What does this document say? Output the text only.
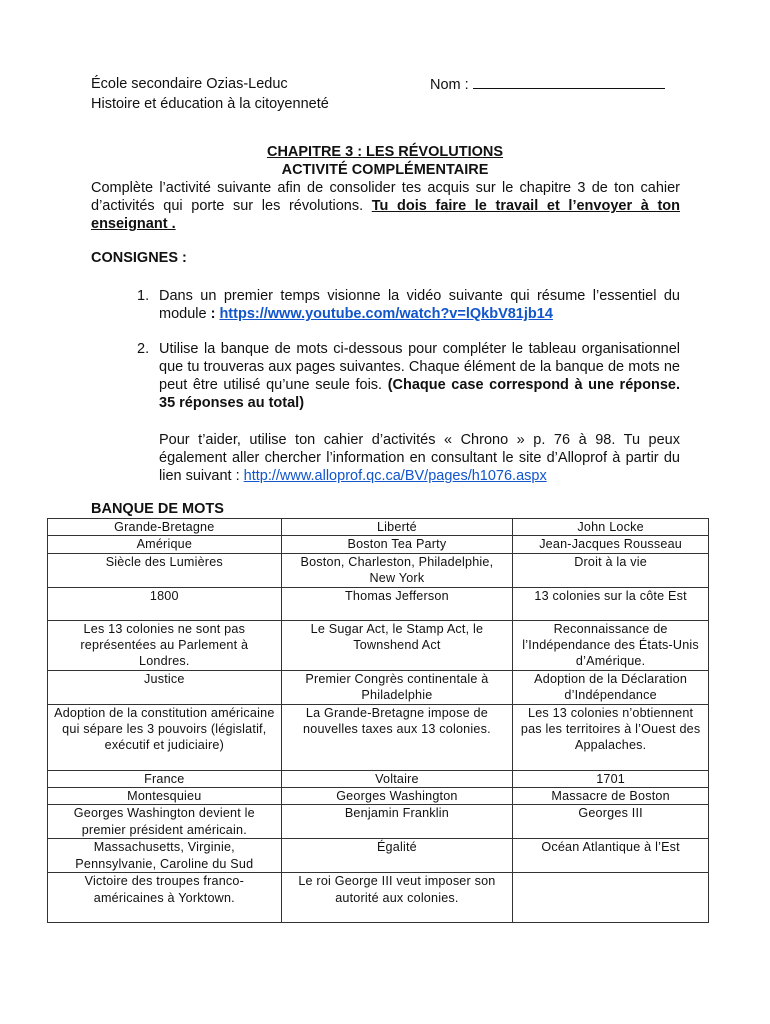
École secondaire Ozias-Leduc
Histoire et éducation à la citoyenneté
Nom :
CHAPITRE 3 : LES RÉVOLUTIONS
ACTIVITÉ COMPLÉMENTAIRE
Complète l’activité suivante afin de consolider tes acquis sur le chapitre 3 de ton cahier d’activités qui porte sur les révolutions. Tu dois faire le travail et l’envoyer à ton enseignant .
CONSIGNES :
1. Dans un premier temps visionne la vidéo suivante qui résume l’essentiel du module : https://www.youtube.com/watch?v=lQkbV81jb14
2. Utilise la banque de mots ci-dessous pour compléter le tableau organisationnel que tu trouveras aux pages suivantes. Chaque élément de la banque de mots ne peut être utilisé qu’une seule fois. (Chaque case correspond à une réponse. 35 réponses au total)
Pour t’aider, utilise ton cahier d’activités « Chrono » p. 76 à 98. Tu peux également aller chercher l’information en consultant le site d’Alloprof à partir du lien suivant : http://www.alloprof.qc.ca/BV/pages/h1076.aspx
BANQUE DE MOTS
Grande-Bretagne	Liberté	John Locke
Amérique	Boston Tea Party	Jean-Jacques Rousseau
Siècle des Lumières	Boston, Charleston, Philadelphie, New York	Droit à la vie
1800	Thomas Jefferson	13 colonies sur la côte Est
Les 13 colonies ne sont pas représentées au Parlement à Londres.	Le Sugar Act, le Stamp Act, le Townshend Act	Reconnaissance de l’Indépendance des États-Unis d’Amérique.
Justice	Premier Congrès continentale à Philadelphie	Adoption de la Déclaration d’Indépendance
Adoption de la constitution américaine qui sépare les 3 pouvoirs (législatif, exécutif et judiciaire)	La Grande-Bretagne impose de nouvelles taxes aux 13 colonies.	Les 13 colonies n’obtiennent pas les territoires à l’Ouest des Appalaches.
France	Voltaire	1701
Montesquieu	Georges Washington	Massacre de Boston
Georges Washington devient le premier président américain.	Benjamin Franklin	Georges III
Massachusetts, Virginie, Pennsylvanie, Caroline du Sud	Égalité	Océan Atlantique à l’Est
Victoire des troupes franco-américaines à Yorktown.	Le roi George III veut imposer son autorité aux colonies.	
